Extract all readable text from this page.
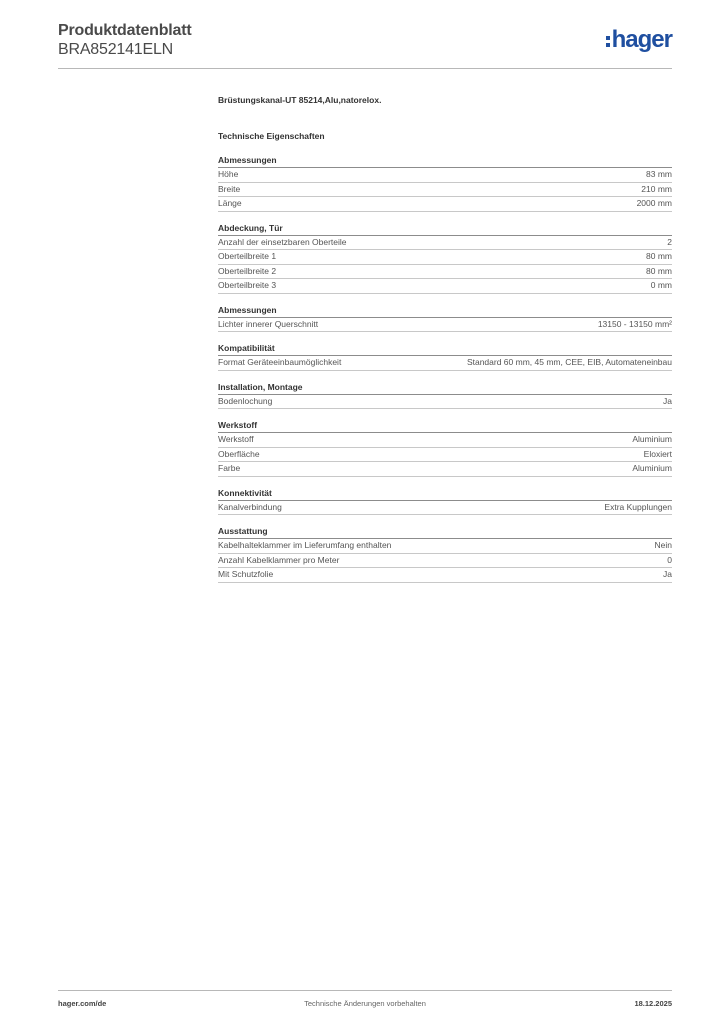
Produktdatenblatt
BRA852141ELN	hager
Brüstungskanal-UT 85214,Alu,natorelox.
Technische Eigenschaften
Abmessungen
Höhe	83 mm
Breite	210 mm
Länge	2000 mm
Abdeckung, Tür
Anzahl der einsetzbaren Oberteile	2
Oberteilbreite 1	80 mm
Oberteilbreite 2	80 mm
Oberteilbreite 3	0 mm
Abmessungen
Lichter innerer Querschnitt	13150 - 13150 mm²
Kompatibilität
Format Geräteeinbaumöglichkeit	Standard 60 mm, 45 mm, CEE, EIB, Automateneinbau
Installation, Montage
Bodenlochung	Ja
Werkstoff
Werkstoff	Aluminium
Oberfläche	Eloxiert
Farbe	Aluminium
Konnektivität
Kanalverbindung	Extra Kupplungen
Ausstattung
Kabelhalteklammer im Lieferumfang enthalten	Nein
Anzahl Kabelklammer pro Meter	0
Mit Schutzfolie	Ja
hager.com/de	Technische Änderungen vorbehalten	18.12.2025
